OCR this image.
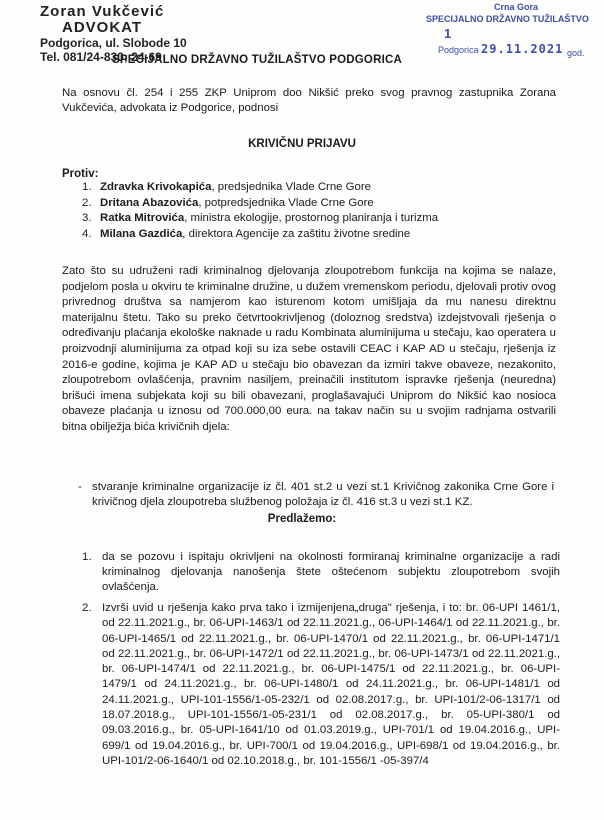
Zoran Vukčević
ADVOKAT
Podgorica, ul. Slobode 10
Tel. 081/24-830; 24-69
SPECIJALNO DRŽAVNO TUŽILAŠTVO PODGORICA
Crna Gora
SPECIJALNO DRŽAVNO TUŽILAŠTVO
1
Podgorica 29.11.2021 god.
Na osnovu čl. 254 i 255 ZKP Uniprom doo Nikšić preko svog pravnog zastupnika Zorana Vukčevića, advokata iz Podgorice, podnosi
KRIVIČNU PRIJAVU
Protiv:
1. Zdravka Krivokapića, predsjednika Vlade Crne Gore
2. Dritana Abazovića, potpredsjednika Vlade Crne Gore
3. Ratka Mitrovića, ministra ekologije, prostornog planiranja i turizma
4. Milana Gazdića, direktora Agencije za zaštitu životne sredine
Zato što su udruženi radi kriminalnog djelovanja zloupotrebom funkcija na kojima se nalaze, podjelom posla u okviru te kriminalne družine, u dužem vremenskom periodu, djelovali protiv ovog privrednog društva sa namjerom kao isturenom kotom umišljaja da mu nanesu direktnu materijalnu štetu. Tako su preko četvrtookrivljenog (doloznog sredstva) izdejstvovali rješenja o određivanju plaćanja ekološke naknade u radu Kombinata aluminijuma u stečaju, kao operatera u proizvodnji aluminijuma za otpad koji su iza sebe ostavili CEAC i KAP AD u stečaju, rješenja iz 2016-e godine, kojima je KAP AD u stečaju bio obavezan da izmiri takve obaveze, nezakonito, zloupotrebom ovlašćenja, pravnim nasiljem, preinačili institutom ispravke rješenja (neuredna) brišući imena subjekata koji su bili obavezani, proglašavajući Uniprom do Nikšić kao nosioca obaveze plaćanja u iznosu od 700.000,00 eura. na takav način su u svojim radnjama ostvarili bitna obilježja bića krivičnih djela:
- stvaranje kriminalne organizacije iz čl. 401 st.2 u vezi st.1 Krivičnog zakonika Crne Gore i krivičnog djela zloupotreba službenog položaja iz čl. 416 st.3 u vezi st.1 KZ.
Predlažemo:
1. da se pozovu i ispitaju okrivljeni na okolnosti formiranaj kriminalne organizacije a radi kriminalnog djelovanja nanošenja štete oštećenom subjektu zloupotrebom svojih ovlašćenja.
2. Izvrši uvid u rješenja kako prva tako i izmijenjena„druga" rješenja, i to: br. 06-UPI 1461/1, od 22.11.2021.g., br. 06-UPI-1463/1 od 22.11.2021.g., 06-UPI-1464/1 od 22.11.2021.g., br. 06-UPI-1465/1 od 22.11.2021.g., br. 06-UPI-1470/1 od 22.11.2021.g., br. 06-UPI-1471/1 od 22.11.2021.g., br. 06-UPI-1472/1 od 22.11.2021.g., br. 06-UPI-1473/1 od 22.11.2021.g., br. 06-UPI-1474/1 od 22.11.2021.g., br. 06-UPI-1475/1 od 22.11.2021.g., br. 06-UPI-1479/1 od 24.11.2021.g., br. 06-UPI-1480/1 od 24.11.2021.g., br. 06-UPI-1481/1 od 24.11.2021.g., UPI-101-1556/1-05-232/1 od 02.08.2017.g., br. UPI-101/2-06-1317/1 od 18.07.2018.g., UPI-101-1556/1-05-231/1 od 02.08.2017.g., br. 05-UPI-380/1 od 09.03.2016.g., br. 05-UPI-1641/10 od 01.03.2019.g., UPI-701/1 od 19.04.2016.g., UPI-699/1 od 19.04.2016.g., br. UPI-700/1 od 19.04.2016.g., UPI-698/1 od 19.04.2016.g., br. UPI-101/2-06-1640/1 od 02.10.2018.g., br. 101-1556/1 -05-397/4
